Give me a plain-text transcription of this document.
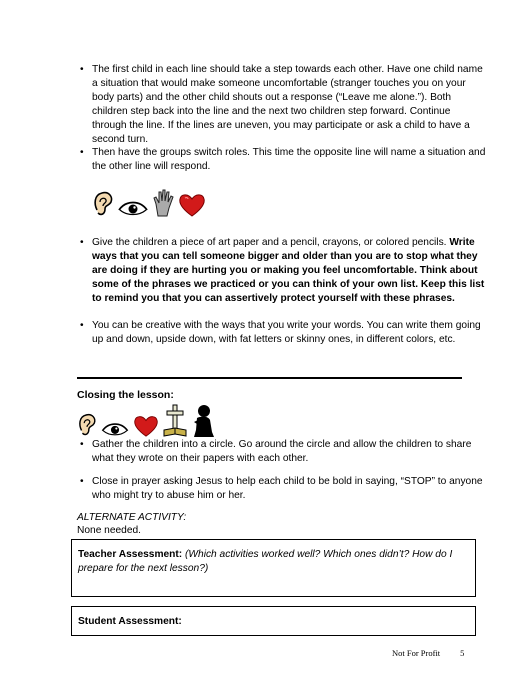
• The first child in each line should take a step towards each other. Have one child name a situation that would make someone uncomfortable (stranger touches you on your body parts) and the other child shouts out a response (“Leave me alone.”). Both children step back into the line and the next two children step forward. Continue through the line. If the lines are uneven, you may participate or ask a child to have a second turn.
• Then have the groups switch roles. This time the opposite line will name a situation and the other line will respond.
• Give the children a piece of art paper and a pencil, crayons, or colored pencils. Write ways that you can tell someone bigger and older than you are to stop what they are doing if they are hurting you or making you feel uncomfortable. Think about some of the phrases we practiced or you can think of your own list. Keep this list to remind you that you can assertively protect yourself with these phrases.
• You can be creative with the ways that you write your words. You can write them going up and down, upside down, with fat letters or skinny ones, in different colors, etc.
Closing the lesson:
• Gather the children into a circle. Go around the circle and allow the children to share what they wrote on their papers with each other.
• Close in prayer asking Jesus to help each child to be bold in saying, “STOP” to anyone who might try to abuse him or her.
ALTERNATE ACTIVITY:
None needed.
Teacher Assessment: (Which activities worked well? Which ones didn’t? How do I prepare for the next lesson?)
Student Assessment:
Not For Profit 5
